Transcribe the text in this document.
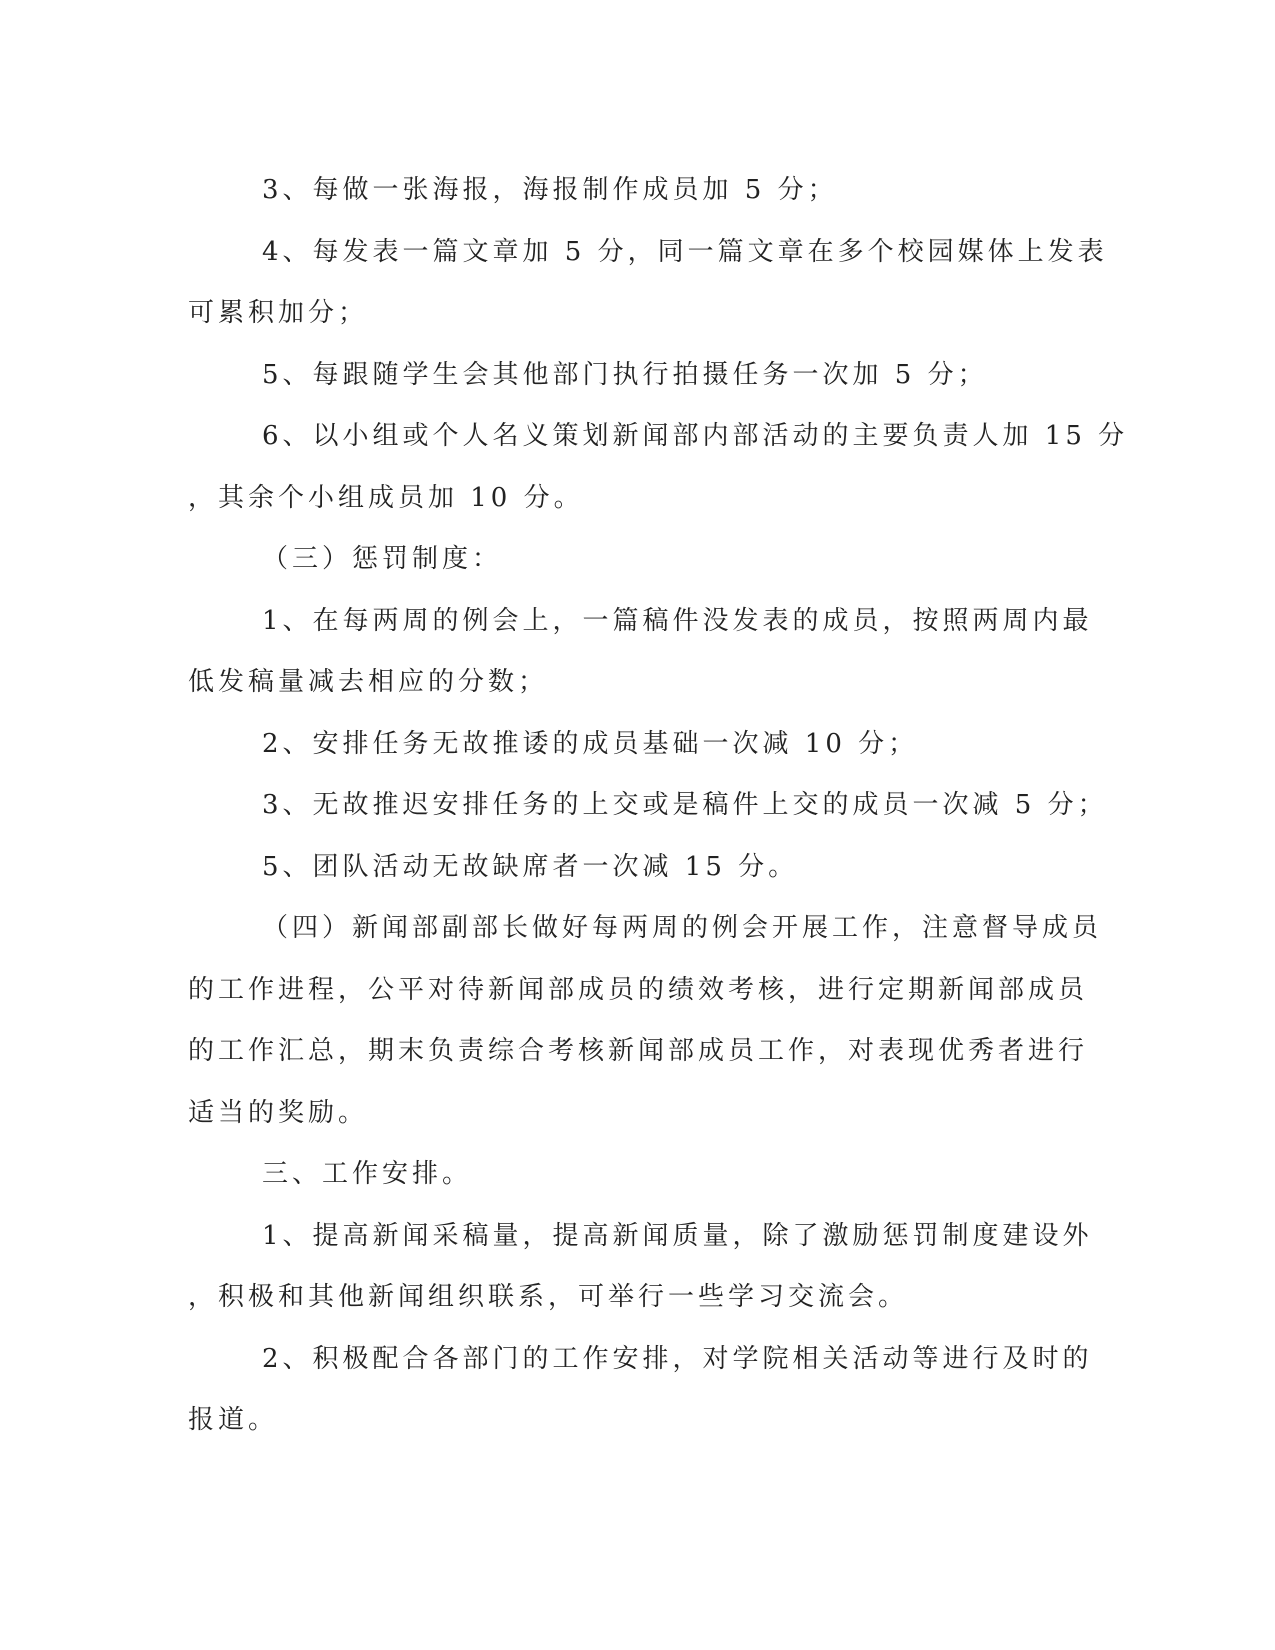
3、每做一张海报，海报制作成员加 5 分；
4、每发表一篇文章加 5 分，同一篇文章在多个校园媒体上发表
可累积加分；
5、每跟随学生会其他部门执行拍摄任务一次加 5 分；
6、以小组或个人名义策划新闻部内部活动的主要负责人加 15 分
，其余个小组成员加 10 分。
（三）惩罚制度：
1、在每两周的例会上，一篇稿件没发表的成员，按照两周内最
低发稿量减去相应的分数；
2、安排任务无故推诿的成员基础一次减 10 分；
3、无故推迟安排任务的上交或是稿件上交的成员一次减 5 分；
5、团队活动无故缺席者一次减 15 分。
（四）新闻部副部长做好每两周的例会开展工作，注意督导成员
的工作进程，公平对待新闻部成员的绩效考核，进行定期新闻部成员
的工作汇总，期末负责综合考核新闻部成员工作，对表现优秀者进行
适当的奖励。
三、工作安排。
1、提高新闻采稿量，提高新闻质量，除了激励惩罚制度建设外
，积极和其他新闻组织联系，可举行一些学习交流会。
2、积极配合各部门的工作安排，对学院相关活动等进行及时的
报道。
